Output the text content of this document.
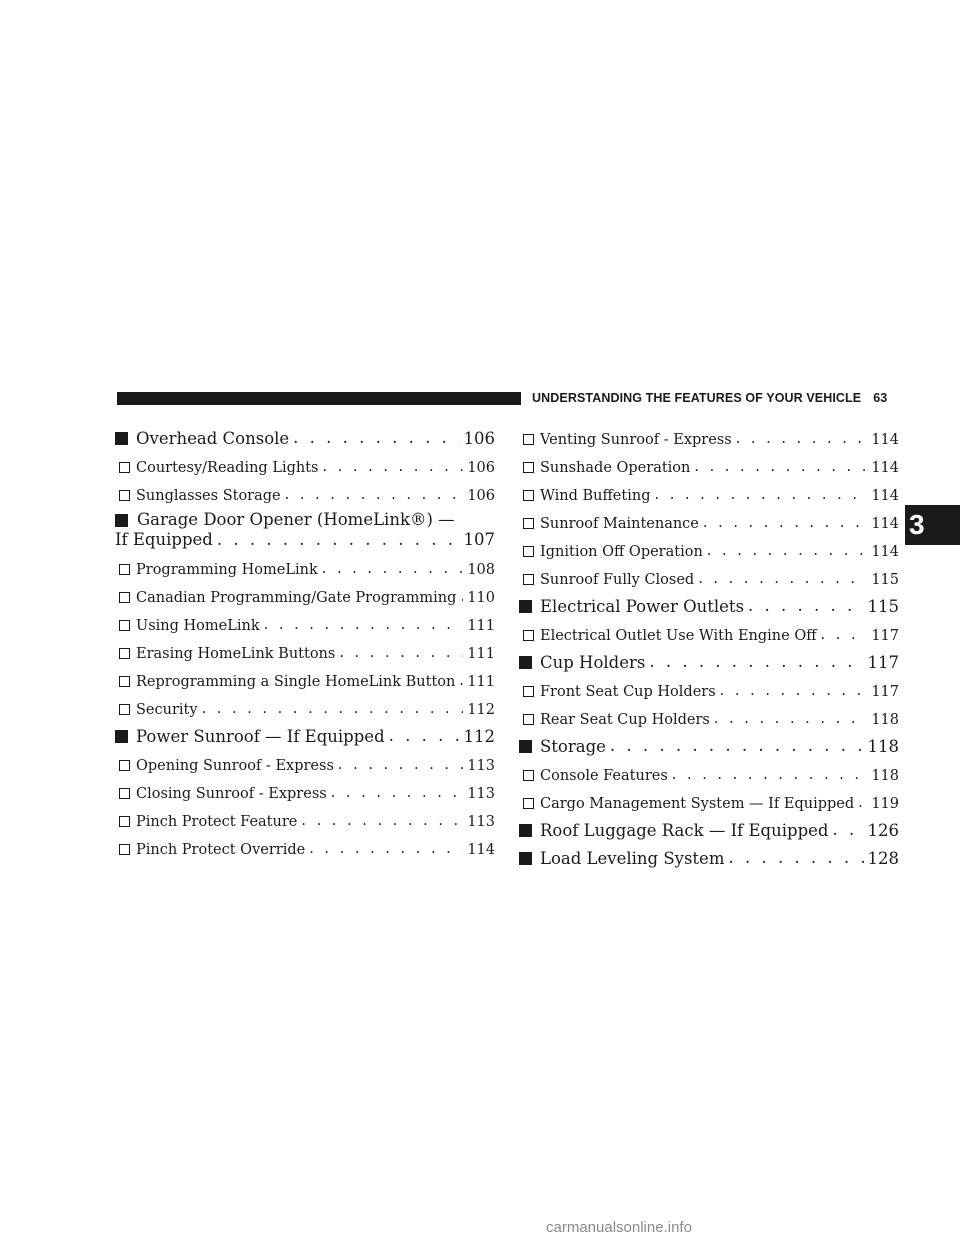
UNDERSTANDING THE FEATURES OF YOUR VEHICLE 63
3
Overhead Console . . .	106
Courtesy/Reading Lights . . .	106
Sunglasses Storage . . .	106
Garage Door Opener (HomeLink®) —
If Equipped . . .	107
Programming HomeLink . . .	108
Canadian Programming/Gate Programming . . . 110
Using HomeLink . . .	111
Erasing HomeLink Buttons . . .	111
Reprogramming a Single HomeLink Button . . . 111
Security . . .	112
Power Sunroof — If Equipped . . .	112
Opening Sunroof - Express . . .	113
Closing Sunroof - Express . . .	113
Pinch Protect Feature . . .	113
Pinch Protect Override . . .	114
Venting Sunroof - Express . . .	114
Sunshade Operation . . .	114
Wind Buffeting . . .	114
Sunroof Maintenance . . .	114
Ignition Off Operation . . .	114
Sunroof Fully Closed . . .	115
Electrical Power Outlets . . .	115
Electrical Outlet Use With Engine Off . . .	117
Cup Holders . . .	117
Front Seat Cup Holders . . .	117
Rear Seat Cup Holders . . .	118
Storage . . .	118
Console Features . . .	118
Cargo Management System — If Equipped . . . 119
Roof Luggage Rack — If Equipped . . . 126
Load Leveling System . . .	128
carmanualsonline.info
